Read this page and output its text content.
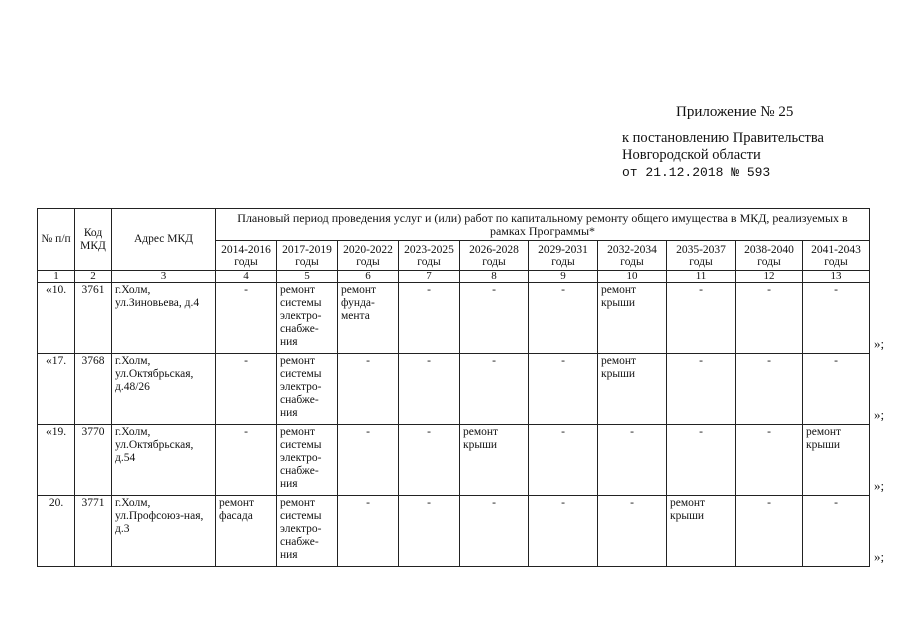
Приложение № 25
к постановлению Правительства
Новгородской области
от 21.12.2018 № 593
№ п/п	Код МКД	Адрес МКД	Плановый период проведения услуг и (или) работ по капитальному ремонту общего имущества в МКД, реализуемых в рамках Программы*									
			2014-2016 годы	2017-2019 годы	2020-2022 годы	2023-2025 годы	2026-2028 годы	2029-2031 годы	2032-2034 годы	2035-2037 годы	2038-2040 годы	2041-2043 годы
1	2	3	4	5	6	7	8	9	10	11	12	13
«10.	3761	г.Холм, ул.Зиновьева, д.4	-	ремонт системы электро-снабже-ния	ремонт фунда-мента	-	-	-	ремонт крыши	-	-	-
«17.	3768	г.Холм, ул.Октябрьская, д.48/26	-	ремонт системы электро-снабже-ния	-	-	-	-	ремонт крыши	-	-	-
«19.	3770	г.Холм, ул.Октябрьская, д.54	-	ремонт системы электро-снабже-ния	-	-	ремонт крыши	-	-	-	-	ремонт крыши
20.	3771	г.Холм, ул.Профсоюз-ная, д.3	ремонт фасада	ремонт системы электро-снабже-ния	-	-	-	-	-	ремонт крыши	-	-
»;
»;
»;
»;
